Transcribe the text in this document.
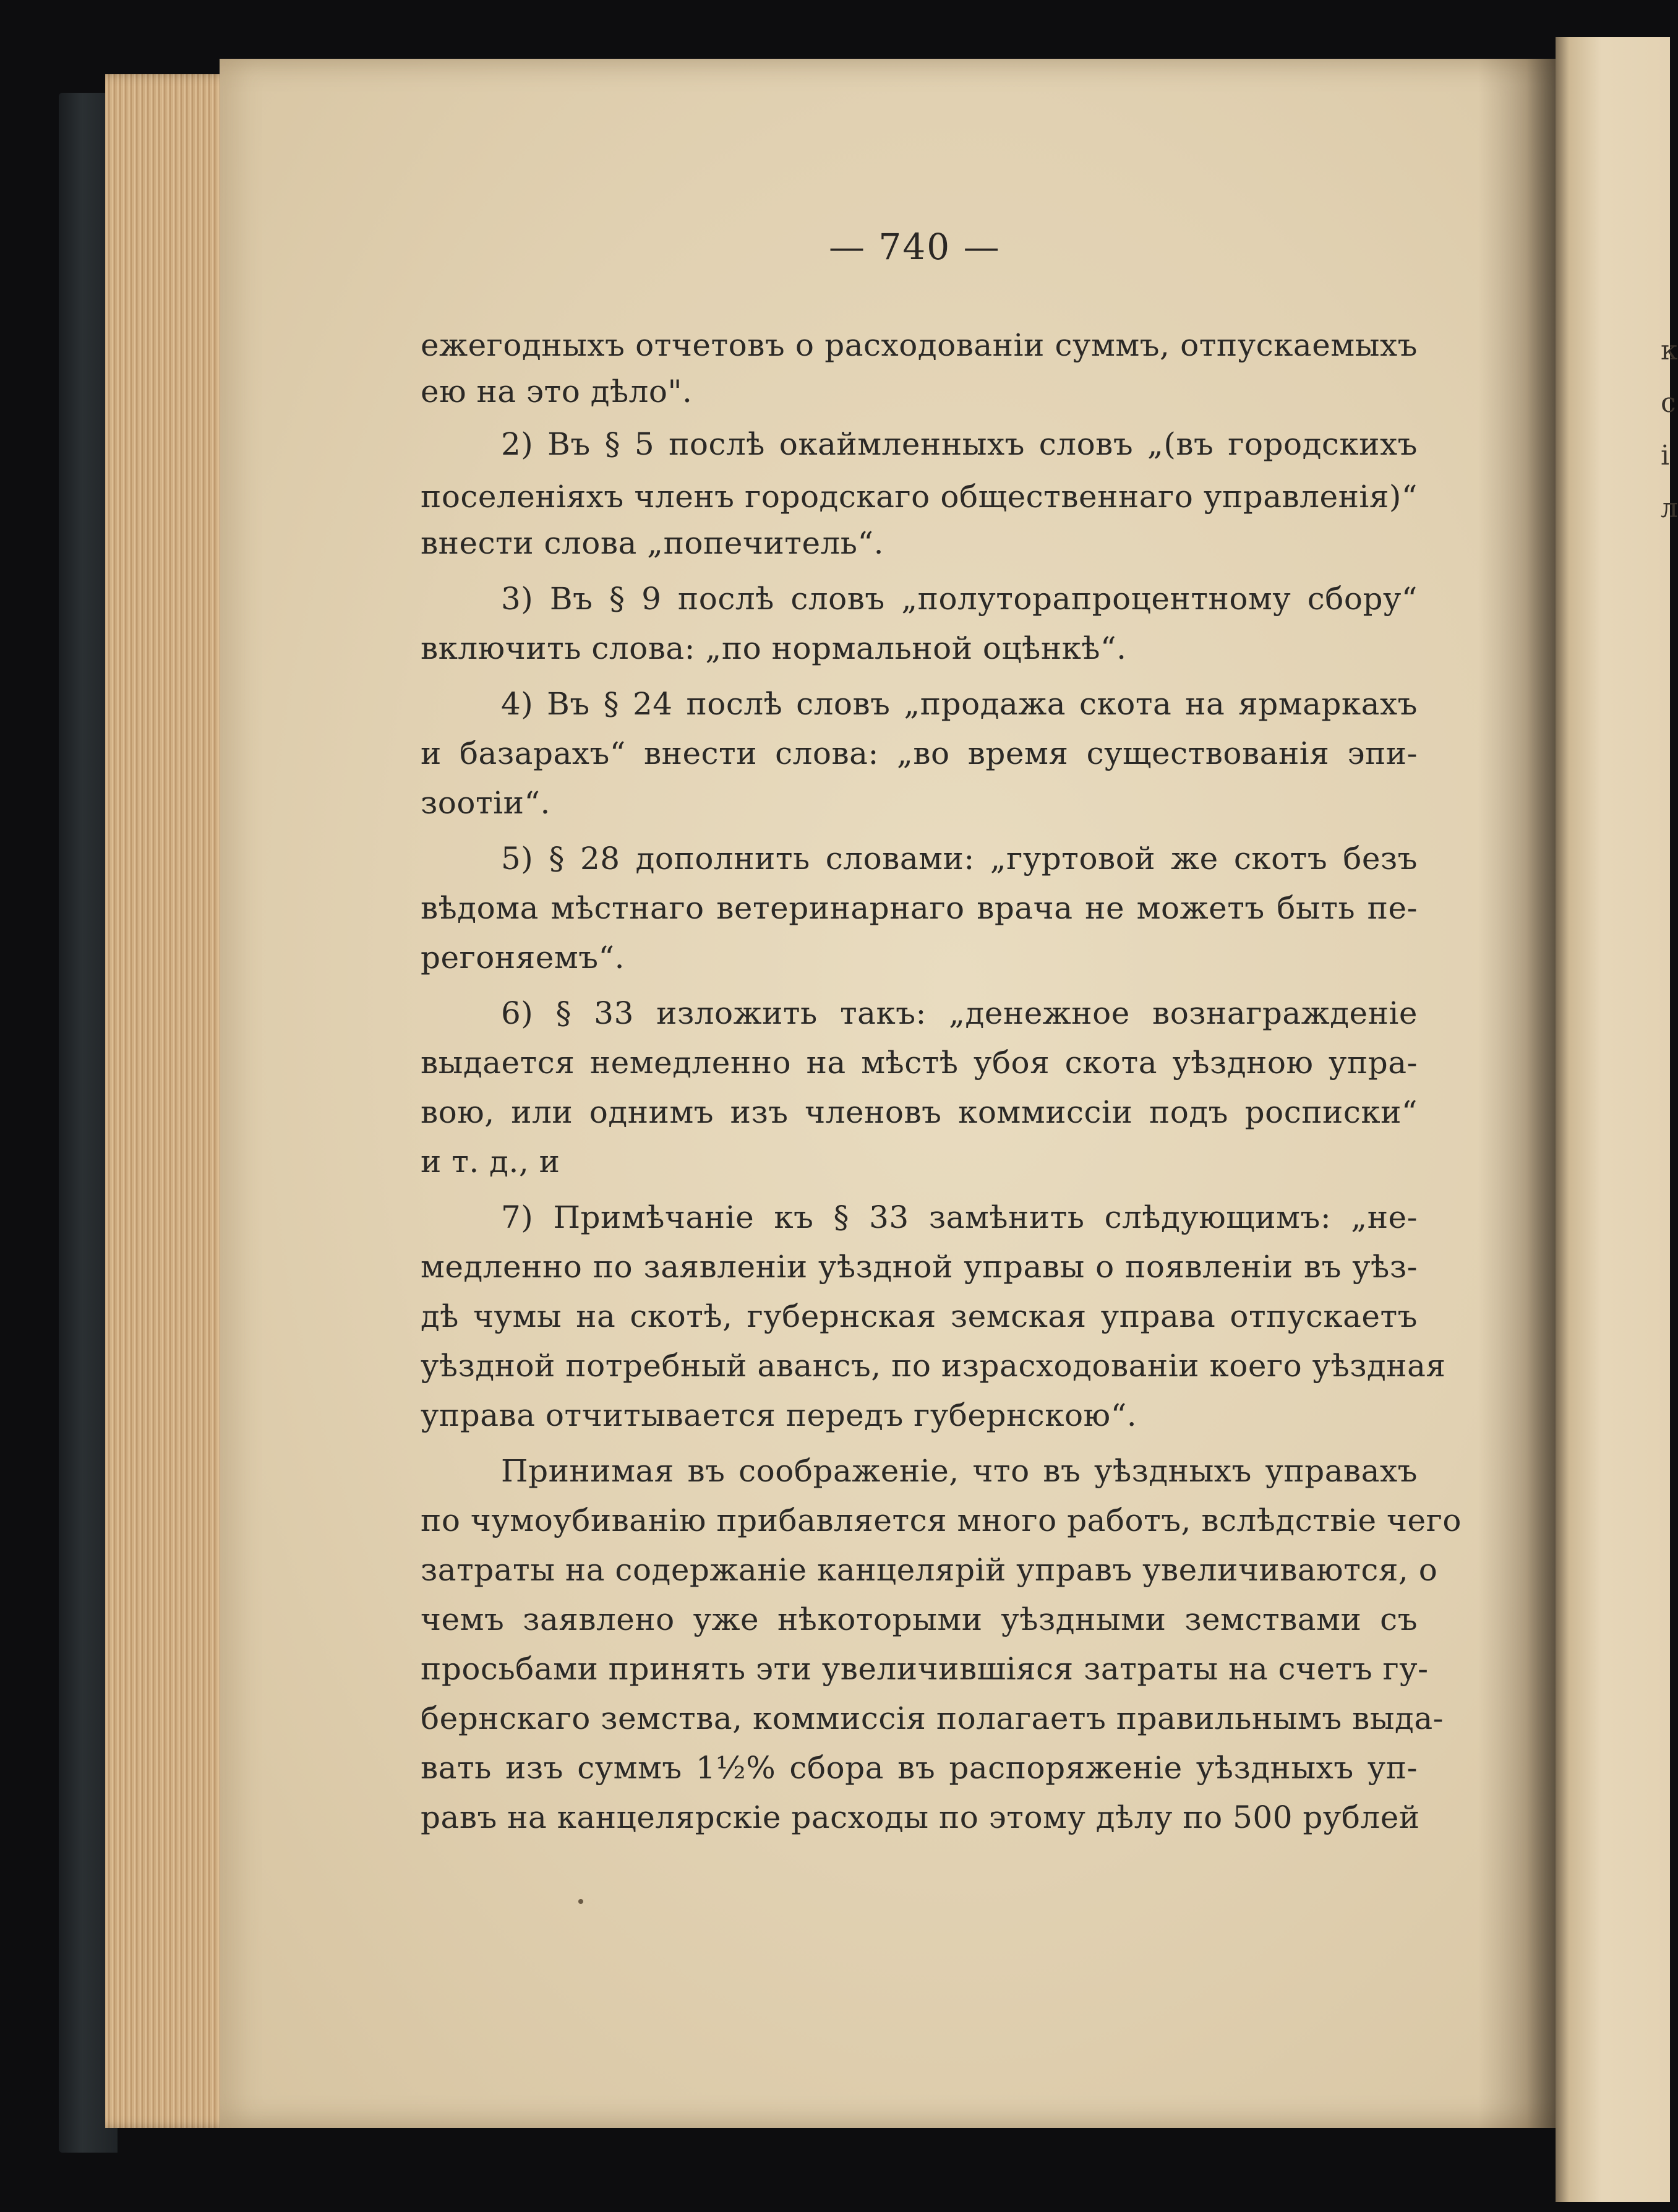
к
с
і
л
— 740 —
ежегодныхъ отчетовъ о расходованіи суммъ, отпускаемыхъ
ею на это дѣло".
2) Въ § 5 послѣ окаймленныхъ словъ „(въ городскихъ
поселеніяхъ членъ городскаго общественнаго управленія)“
внести слова „попечитель“.
3) Въ § 9 послѣ словъ „полуторапроцентному сбору“
включить слова: „по нормальной оцѣнкѣ“.
4) Въ § 24 послѣ словъ „продажа скота на ярмаркахъ
и базарахъ“ внести слова: „во время существованія эпи-
зоотіи“.
5) § 28 дополнить словами: „гуртовой же скотъ безъ
вѣдома мѣстнаго ветеринарнаго врача не можетъ быть пе-
регоняемъ“.
6) § 33 изложить такъ: „денежное вознагражденіе
выдается немедленно на мѣстѣ убоя скота уѣздною упра-
вою, или однимъ изъ членовъ коммиссіи подъ росписки“
и т. д., и
7) Примѣчаніе къ § 33 замѣнить слѣдующимъ: „не-
медленно по заявленіи уѣздной управы о появленіи въ уѣз-
дѣ чумы на скотѣ, губернская земская управа отпускаетъ
уѣздной потребный авансъ, по израсходованіи коего уѣздная
управа отчитывается передъ губернскою“.
Принимая въ соображеніе, что въ уѣздныхъ управахъ
по чумоубиванію прибавляется много работъ, вслѣдствіе чего
затраты на содержаніе канцелярій управъ увеличиваются, о
чемъ заявлено уже нѣкоторыми уѣздными земствами съ
просьбами принять эти увеличившіяся затраты на счетъ гу-
бернскаго земства, коммиссія полагаетъ правильнымъ выда-
вать изъ суммъ 1½% сбора въ распоряженіе уѣздныхъ уп-
равъ на канцелярскіе расходы по этому дѣлу по 500 рублей
